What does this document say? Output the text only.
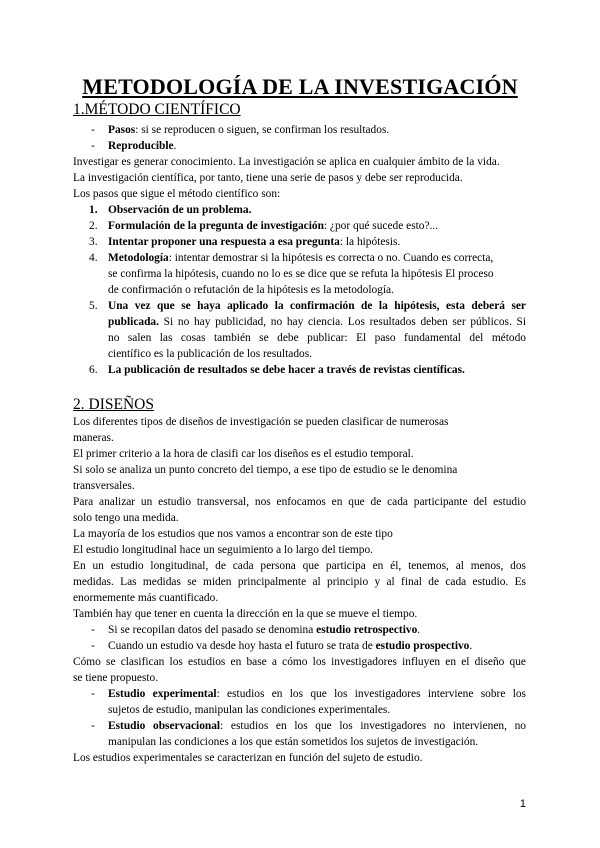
METODOLOGÍA DE LA INVESTIGACIÓN
1.MÉTODO CIENTÍFICO
- Pasos: si se reproducen o siguen, se confirman los resultados.
- Reproducible.
Investigar es generar conocimiento. La investigación se aplica en cualquier ámbito de la vida.
La investigación científica, por tanto, tiene una serie de pasos y debe ser reproducida.
Los pasos que sigue el método científico son:
1. Observación de un problema.
2. Formulación de la pregunta de investigación: ¿por qué sucede esto?...
3. Intentar proponer una respuesta a esa pregunta: la hipótesis.
4. Metodología: intentar demostrar si la hipótesis es correcta o no. Cuando es correcta,
se confirma la hipótesis, cuando no lo es se dice que se refuta la hipótesis El proceso
de confirmación o refutación de la hipótesis es la metodología.
5. Una vez que se haya aplicado la confirmación de la hipótesis, esta deberá ser
publicada. Si no hay publicidad, no hay ciencia. Los resultados deben ser públicos. Si
no salen las cosas también se debe publicar: El paso fundamental del método
científico es la publicación de los resultados.
6. La publicación de resultados se debe hacer a través de revistas científicas.
2. DISEÑOS
Los diferentes tipos de diseños de investigación se pueden clasificar de numerosas
maneras.
El primer criterio a la hora de clasifi car los diseños es el estudio temporal.
Si solo se analiza un punto concreto del tiempo, a ese tipo de estudio se le denomina
transversales.
Para analizar un estudio transversal, nos enfocamos en que de cada participante del estudio
solo tengo una medida.
La mayoría de los estudios que nos vamos a encontrar son de este tipo
El estudio longitudinal hace un seguimiento a lo largo del tiempo.
En un estudio longitudinal, de cada persona que participa en él, tenemos, al menos, dos
medidas. Las medidas se miden principalmente al principio y al final de cada estudio. Es
enormemente más cuantificado.
También hay que tener en cuenta la dirección en la que se mueve el tiempo.
- Si se recopilan datos del pasado se denomina estudio retrospectivo.
- Cuando un estudio va desde hoy hasta el futuro se trata de estudio prospectivo.
Cómo se clasifican los estudios en base a cómo los investigadores influyen en el diseño que
se tiene propuesto.
- Estudio experimental: estudios en los que los investigadores interviene sobre los
sujetos de estudio, manipulan las condiciones experimentales.
- Estudio observacional: estudios en los que los investigadores no intervienen, no
manipulan las condiciones a los que están sometidos los sujetos de investigación.
Los estudios experimentales se caracterizan en función del sujeto de estudio.
1
